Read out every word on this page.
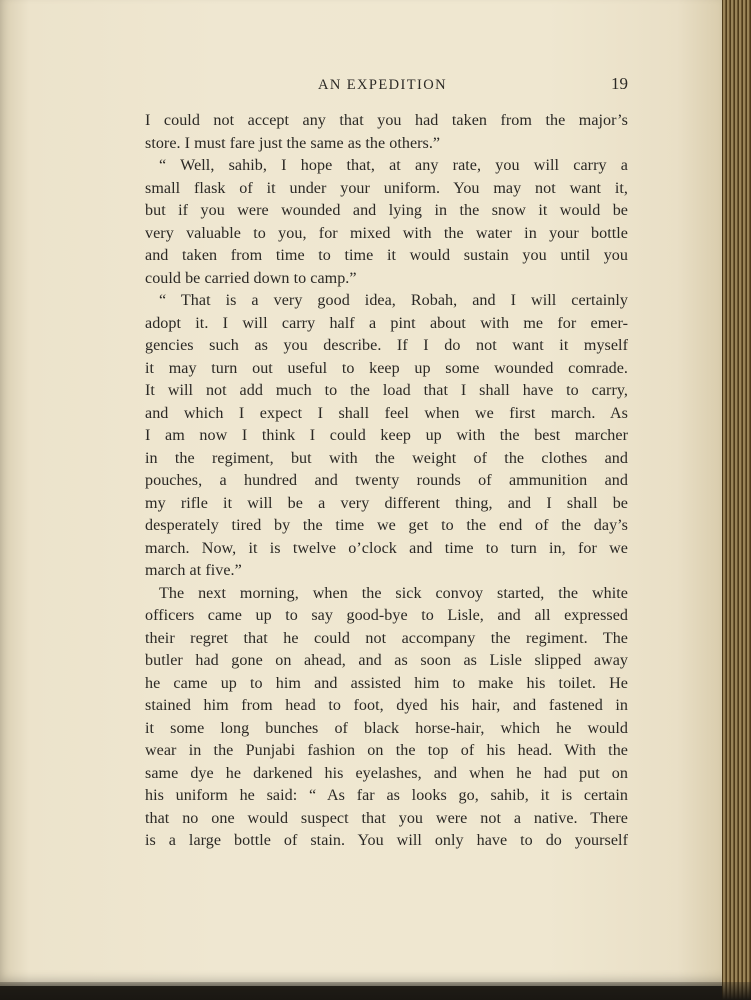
AN EXPEDITION	19
I could not accept any that you had taken from the major’s
store. I must fare just the same as the others.”
“ Well, sahib, I hope that, at any rate, you will carry a
small flask of it under your uniform. You may not want it,
but if you were wounded and lying in the snow it would be
very valuable to you, for mixed with the water in your bottle
and taken from time to time it would sustain you until you
could be carried down to camp.”
“ That is a very good idea, Robah, and I will certainly
adopt it. I will carry half a pint about with me for emer-
gencies such as you describe. If I do not want it myself
it may turn out useful to keep up some wounded comrade.
It will not add much to the load that I shall have to carry,
and which I expect I shall feel when we first march. As
I am now I think I could keep up with the best marcher
in the regiment, but with the weight of the clothes and
pouches, a hundred and twenty rounds of ammunition and
my rifle it will be a very different thing, and I shall be
desperately tired by the time we get to the end of the day’s
march. Now, it is twelve o’clock and time to turn in, for we
march at five.”
The next morning, when the sick convoy started, the white
officers came up to say good-bye to Lisle, and all expressed
their regret that he could not accompany the regiment. The
butler had gone on ahead, and as soon as Lisle slipped away
he came up to him and assisted him to make his toilet. He
stained him from head to foot, dyed his hair, and fastened in
it some long bunches of black horse-hair, which he would
wear in the Punjabi fashion on the top of his head. With the
same dye he darkened his eyelashes, and when he had put on
his uniform he said: “ As far as looks go, sahib, it is certain
that no one would suspect that you were not a native. There
is a large bottle of stain. You will only have to do yourself
